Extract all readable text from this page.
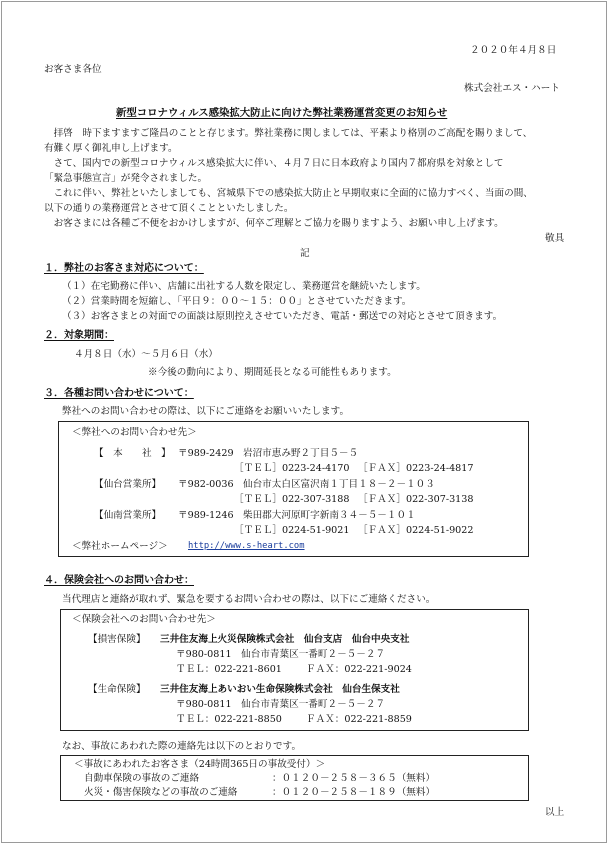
２０２０年４月８日
お客さま各位
株式会社エス・ハート
新型コロナウィルス感染拡大防止に向けた弊社業務運営変更のお知らせ
　拝啓　時下ますますご隆昌のことと存じます。弊社業務に関しましては、平素より格別のご高配を賜りまして、
有難く厚く御礼申し上げます。
　さて、国内での新型コロナウィルス感染拡大に伴い、４月７日に日本政府より国内７都府県を対象として
「緊急事態宣言」が発令されました。
　これに伴い、弊社といたしましても、宮城県下での感染拡大防止と早期収束に全面的に協力すべく、当面の間、
以下の通りの業務運営とさせて頂くことといたしました。
　お客さまには各種ご不便をおかけしますが、何卒ご理解とご協力を賜りますよう、お願い申し上げます。
敬具
記
１．弊社のお客さま対応について：
（１）在宅勤務に伴い、店舗に出社する人数を限定し、業務運営を継続いたします。
（２）営業時間を短縮し、「平日９：００〜１５：００」とさせていただきます。
（３）お客さまとの対面での面談は原則控えさせていただき、電話・郵送での対応とさせて頂きます。
２．対象期間：
４月８日（水）～５月６日（水）
※今後の動向により、期間延長となる可能性もあります。
３．各種お問い合わせについて：
弊社へのお問い合わせの際は、以下にご連絡をお願いいたします。
＜弊社へのお問い合わせ先＞
【　本　　社　】 〒989-2429 岩沼市恵み野２丁目５－５
［ＴＥＬ］0223-24-4170 ［ＦＡＸ］0223-24-4817
【仙台営業所】 〒982-0036 仙台市太白区富沢南１丁目１８－２－１０３
［ＴＥＬ］022-307-3188 ［ＦＡＸ］022-307-3138
【仙南営業所】 〒989-1246 柴田郡大河原町字新南３４－５－１０１
［ＴＥＬ］0224-51-9021 ［ＦＡＸ］0224-51-9022
＜弊社ホームページ＞ http://www.s-heart.com
４．保険会社へのお問い合わせ：
当代理店と連絡が取れず、緊急を要するお問い合わせの際は、以下にご連絡ください。
＜保険会社へのお問い合わせ先＞
【損害保険】 三井住友海上火災保険株式会社　仙台支店　仙台中央支社
〒980-0811　仙台市青葉区一番町２－５－２７
ＴＥＬ：022-221-8601	ＦＡＸ：022-221-9024
【生命保険】 三井住友海上あいおい生命保険株式会社　仙台生保支社
〒980-0811　仙台市青葉区一番町２－５－２７
ＴＥＬ：022-221-8850	ＦＡＸ：022-221-8859
なお、事故にあわれた際の連絡先は以下のとおりです。
＜事故にあわれたお客さま（24時間365日の事故受付）＞
自動車保険の事故のご連絡	：０１２０－２５８－３６５（無料）
火災・傷害保険などの事故のご連絡	：０１２０－２５８－１８９（無料）
以上
